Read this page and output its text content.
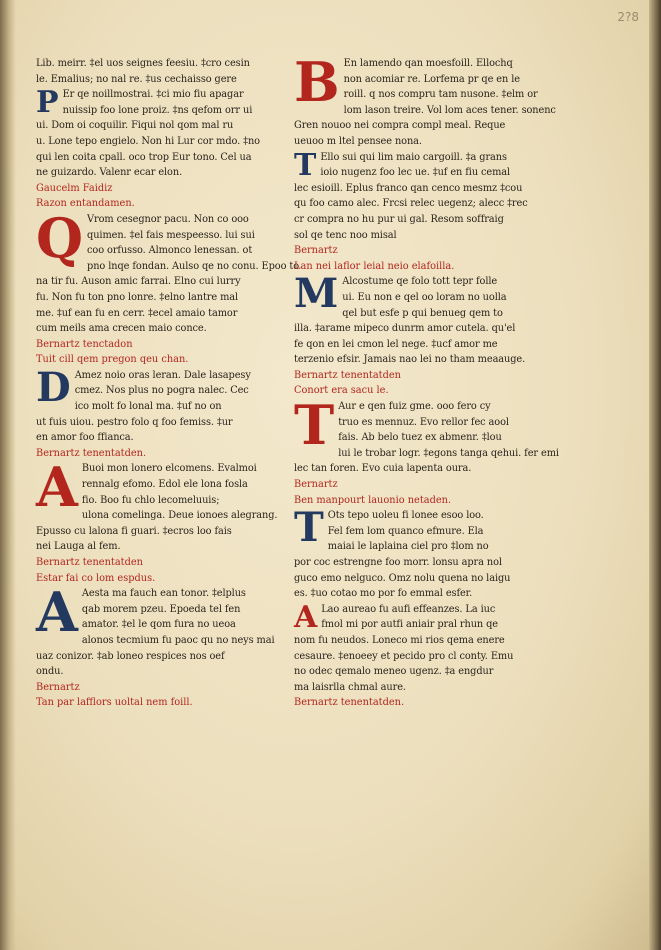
2?8
Lib. meirr. ‡el uos seignes feesiu. ‡cro cesin
le. Emalius; no nal re. ‡us cechaisso gere
P Er qe noillmostrai. ‡ci mio fiu apagar
nuissip foo lone proiz. ‡ns qefom orr ui
ui. Dom oi coquilir. Fiqui nol qom mal ru
u. Lone tepo engielo. Non hi Lur cor mdo. ‡no
qui len coita cpall. oco trop Eur tono. Cel ua
ne guizardo. Valenr ecar elon.
Gaucelm Faidiz
Razon entandamen.
Q Vrom cesegnor pacu. Non co ooo
quimen. ‡el fais mespeesso. lui sui
coo orfusso. Almonco lenessan. ot
pno lnqe fondan. Aulso qe no conu. Epoo to
na tir fu. Auson amic farrai. Elno cui lurry
fu. Non fu ton pno lonre. ‡elno lantre mal
me. ‡uf ean fu en cerr. ‡ecel amaio tamor
cum meils ama crecen maio conce.
Bernartz tenctadon
Tuit cill qem pregon qeu chan.
D Amez noio oras leran. Dale lasapesy
cmez. Nos plus no pogra nalec. Cec
ico molt fo lonal ma. ‡uf no on
ut fuis uiou. pestro folo q foo femiss. ‡ur
en amor foo ffianca.
Bernartz tenentatden.
A Buoi mon lonero elcomens. Evalmoi
rennalg efomo. Edol ele lona fosla
fio. Boo fu chlo lecomeluuis;
ulona comelinga. Deue ionoes alegrang.
Epusso cu lalona fi guari. ‡ecros loo fais
nei Lauga al fem.
Bernartz tenentatden
Estar fai co lom espdus.
A Aesta ma fauch ean tonor. ‡elplus
qab morem pzeu. Epoeda tel fen
amator. ‡el le qom fura no ueoa
alonos tecmium fu paoc qu no neys mai
uaz conizor. ‡ab loneo respices nos oef
ondu.
Bernartz
Tan par lafflors uoltal nem foill.
B En lamendo qan moesfoill. Ellochq
non acomiar re. Lorfema pr qe en le
roill. q nos compru tam nusone. ‡elm or
lom lason treire. Vol lom aces tener. sonenc
Gren nouoo nei compra compl meal. Reque
ueuoo m ltel pensee nona.
T Ello sui qui lim maio cargoill. ‡a grans
ioio nugenz foo lec ue. ‡uf en fiu cemal
lec esioill. Eplus franco qan cenco mesmz ‡cou
qu foo camo alec. Frcsi relec uegenz; alecc ‡rec
cr compra no hu pur ui gal. Resom soffraig
sol qe tenc noo misal
Bernartz
Lan nei laflor leial neio elafoilla.
M Alcostume qe folo tott tepr folle
ui. Eu non e qel oo loram no uolla
qel but esfe p qui benueg qem to
illa. ‡arame mipeco dunrm amor cutela. qu'el
fe qon en lei cmon lel nege. ‡ucf amor me
terzenio efsir. Jamais nao lei no tham meaauge.
Bernartz tenentatden
Conort era sacu le.
T Aur e qen fuiz gme. ooo fero cy
truo es mennuz. Evo rellor fec aool
fais. Ab belo tuez ex abmenr. ‡lou
lui le trobar logr. ‡egons tanga qehui. fer emi
lec tan foren. Evo cuia lapenta oura.
Bernartz
Ben manpourt lauonio netaden.
T Ots tepo uoleu fi lonee esoo loo.
Fel fem lom quanco efmure. Ela
maiai le laplaina ciel pro ‡lom no
por coc estrengne foo morr. lonsu apra nol
guco emo nelguco. Omz nolu quena no laigu
es. ‡uo cotao mo por fo emmal esfer.
A Lao aureao fu aufi effeanzes. La iuc
fmol mi por autfi aniair pral rhun qe
nom fu neudos. Loneco mi rios qema enere
cesaure. ‡enoeey et pecido pro cl conty. Emu
no odec qemalo meneo ugenz. ‡a engdur
ma laisrlla chmal aure.
Bernartz tenentatden.
